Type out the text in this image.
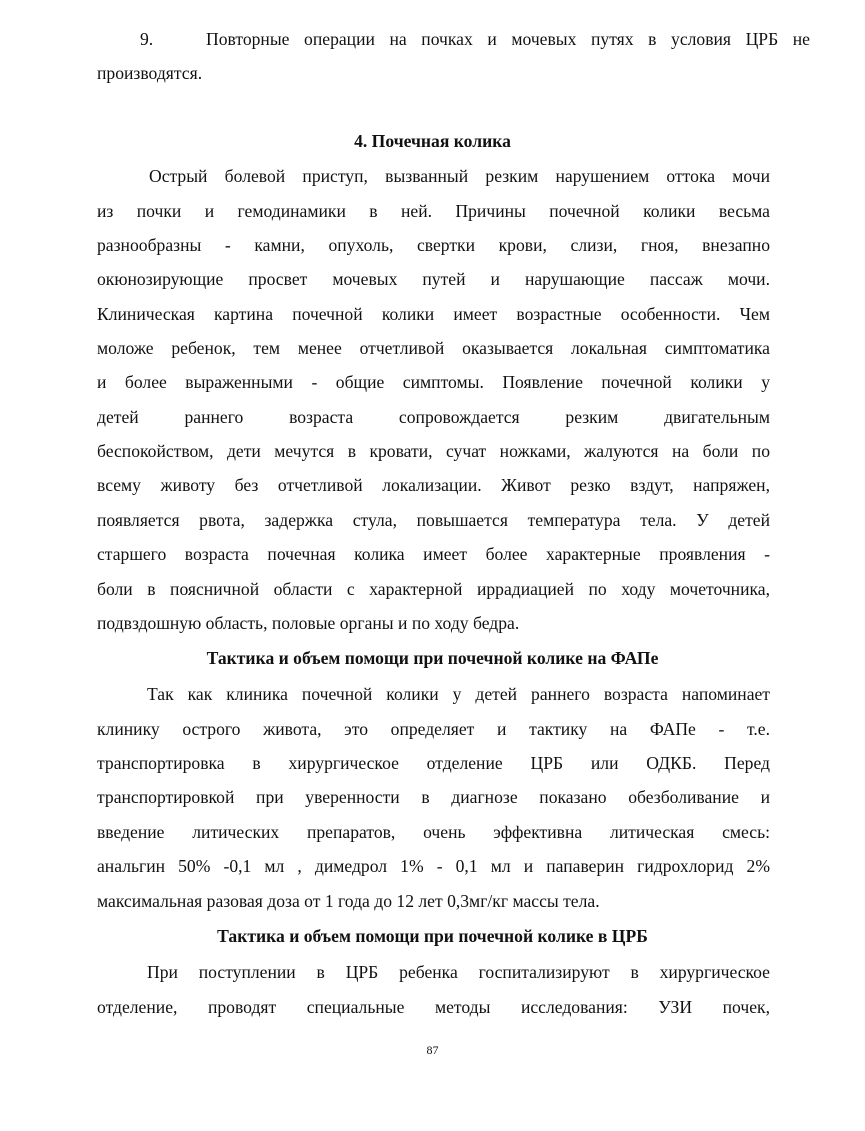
9.	Повторные операции на почках и мочевых путях в условия ЦРБ не

производятся.

4. Почечная колика

Острый болевой приступ, вызванный резким нарушением оттока мочи

из почки и гемодинамики в ней. Причины почечной колики весьма

разнообразны - камни, опухоль, свертки крови, слизи, гноя, внезапно

окюнозирующие просвет мочевых путей и нарушающие пассаж мочи.

Клиническая картина почечной колики имеет возрастные особенности. Чем

моложе ребенок, тем менее отчетливой оказывается локальная симптоматика

и более выраженными - общие симптомы. Появление почечной колики у

детей раннего возраста сопровождается резким двигательным

беспокойством, дети мечутся в кровати, сучат ножками, жалуются на боли по

всему животу без отчетливой локализации. Живот резко вздут, напряжен,

появляется рвота, задержка стула, повышается температура тела. У детей

старшего возраста почечная колика имеет более характерные проявления -

боли в поясничной области с характерной иррадиацией по ходу мочеточника,

подвздошную область, половые органы и по ходу бедра.

Тактика и объем помощи при почечной колике на ФАПе

Так как клиника почечной колики у детей раннего возраста напоминает

клинику острого живота, это определяет и тактику на ФАПе - т.е.

транспортировка в хирургическое отделение ЦРБ или ОДКБ. Перед

транспортировкой при уверенности в диагнозе показано обезболивание и

введение литических препаратов, очень эффективна литическая смесь:

анальгин 50% -0,1 мл , димедрол 1% - 0,1 мл и папаверин гидрохлорид 2%

максимальная разовая доза от 1 года до 12 лет 0,3мг/кг массы тела.

Тактика и объем помощи при почечной колике в ЦРБ

При поступлении в ЦРБ ребенка госпитализируют в хирургическое

отделение, проводят специальные методы исследования: УЗИ почек,

87
